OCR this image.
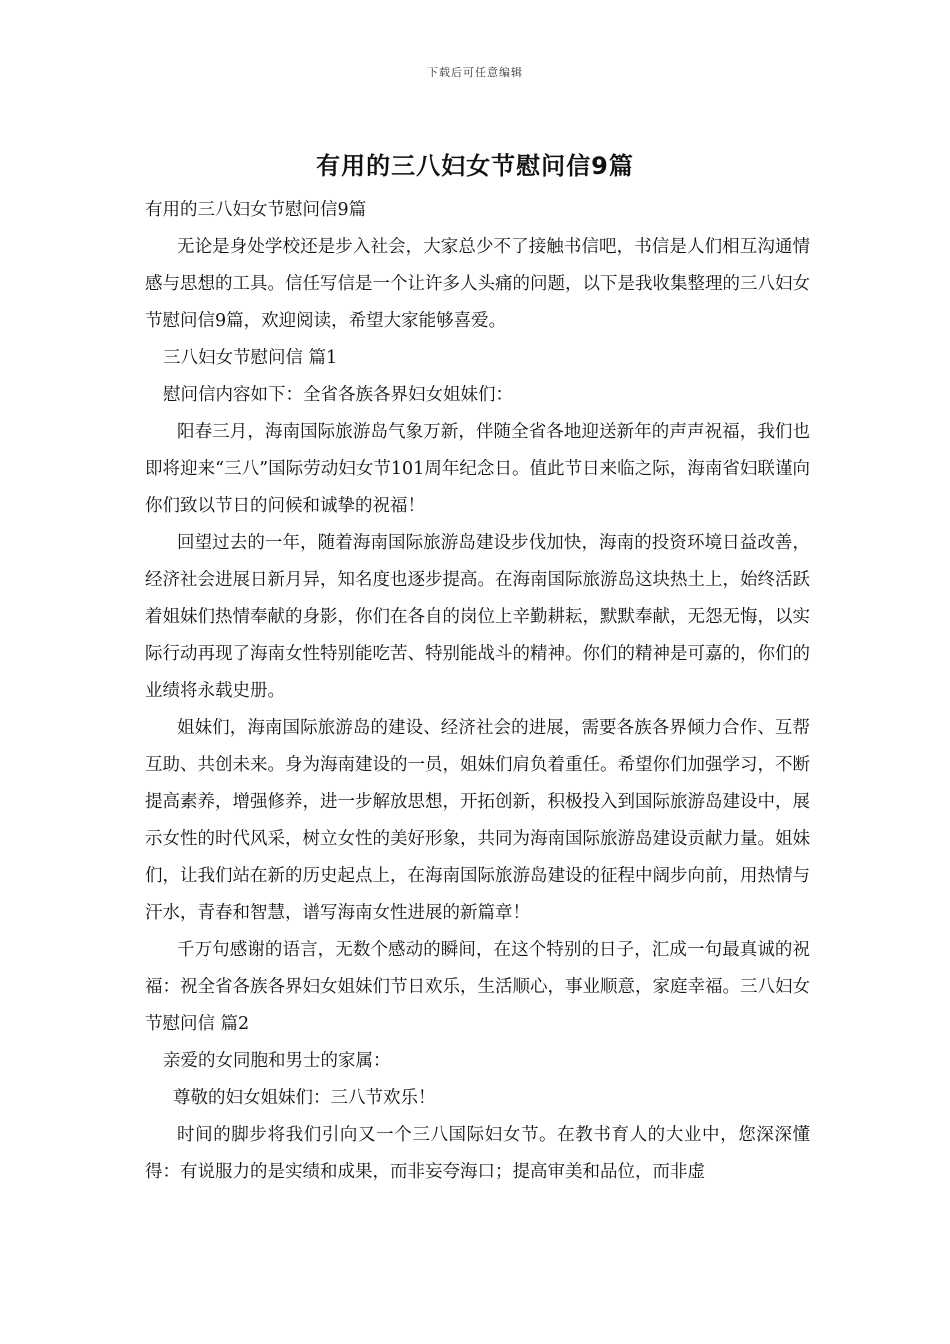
下载后可任意编辑
有用的三八妇女节慰问信9篇

有用的三八妇女节慰问信9篇

无论是身处学校还是步入社会，大家总少不了接触书信吧，书信是人们相互沟通情感与思想的工具。信任写信是一个让许多人头痛的问题，以下是我收集整理的三八妇女节慰问信9篇，欢迎阅读，希望大家能够喜爱。

三八妇女节慰问信 篇1

慰问信内容如下：全省各族各界妇女姐妹们：

阳春三月，海南国际旅游岛气象万新，伴随全省各地迎送新年的声声祝福，我们也即将迎来“三八”国际劳动妇女节101周年纪念日。值此节日来临之际，海南省妇联谨向你们致以节日的问候和诚挚的祝福！

回望过去的一年，随着海南国际旅游岛建设步伐加快，海南的投资环境日益改善，经济社会进展日新月异，知名度也逐步提高。在海南国际旅游岛这块热土上，始终活跃着姐妹们热情奉献的身影，你们在各自的岗位上辛勤耕耘，默默奉献，无怨无悔，以实际行动再现了海南女性特别能吃苦、特别能战斗的精神。你们的精神是可嘉的，你们的业绩将永载史册。

姐妹们，海南国际旅游岛的建设、经济社会的进展，需要各族各界倾力合作、互帮互助、共创未来。身为海南建设的一员，姐妹们肩负着重任。希望你们加强学习，不断提高素养，增强修养，进一步解放思想，开拓创新，积极投入到国际旅游岛建设中，展示女性的时代风采，树立女性的美好形象，共同为海南国际旅游岛建设贡献力量。姐妹们，让我们站在新的历史起点上，在海南国际旅游岛建设的征程中阔步向前，用热情与汗水，青春和智慧，谱写海南女性进展的新篇章！

千万句感谢的语言，无数个感动的瞬间，在这个特别的日子，汇成一句最真诚的祝福：祝全省各族各界妇女姐妹们节日欢乐，生活顺心，事业顺意，家庭幸福。三八妇女节慰问信 篇2

亲爱的女同胞和男士的家属：

尊敬的妇女姐妹们：三八节欢乐！

时间的脚步将我们引向又一个三八国际妇女节。在教书育人的大业中，您深深懂得：有说服力的是实绩和成果，而非妄夸海口；提高审美和品位，而非虚
